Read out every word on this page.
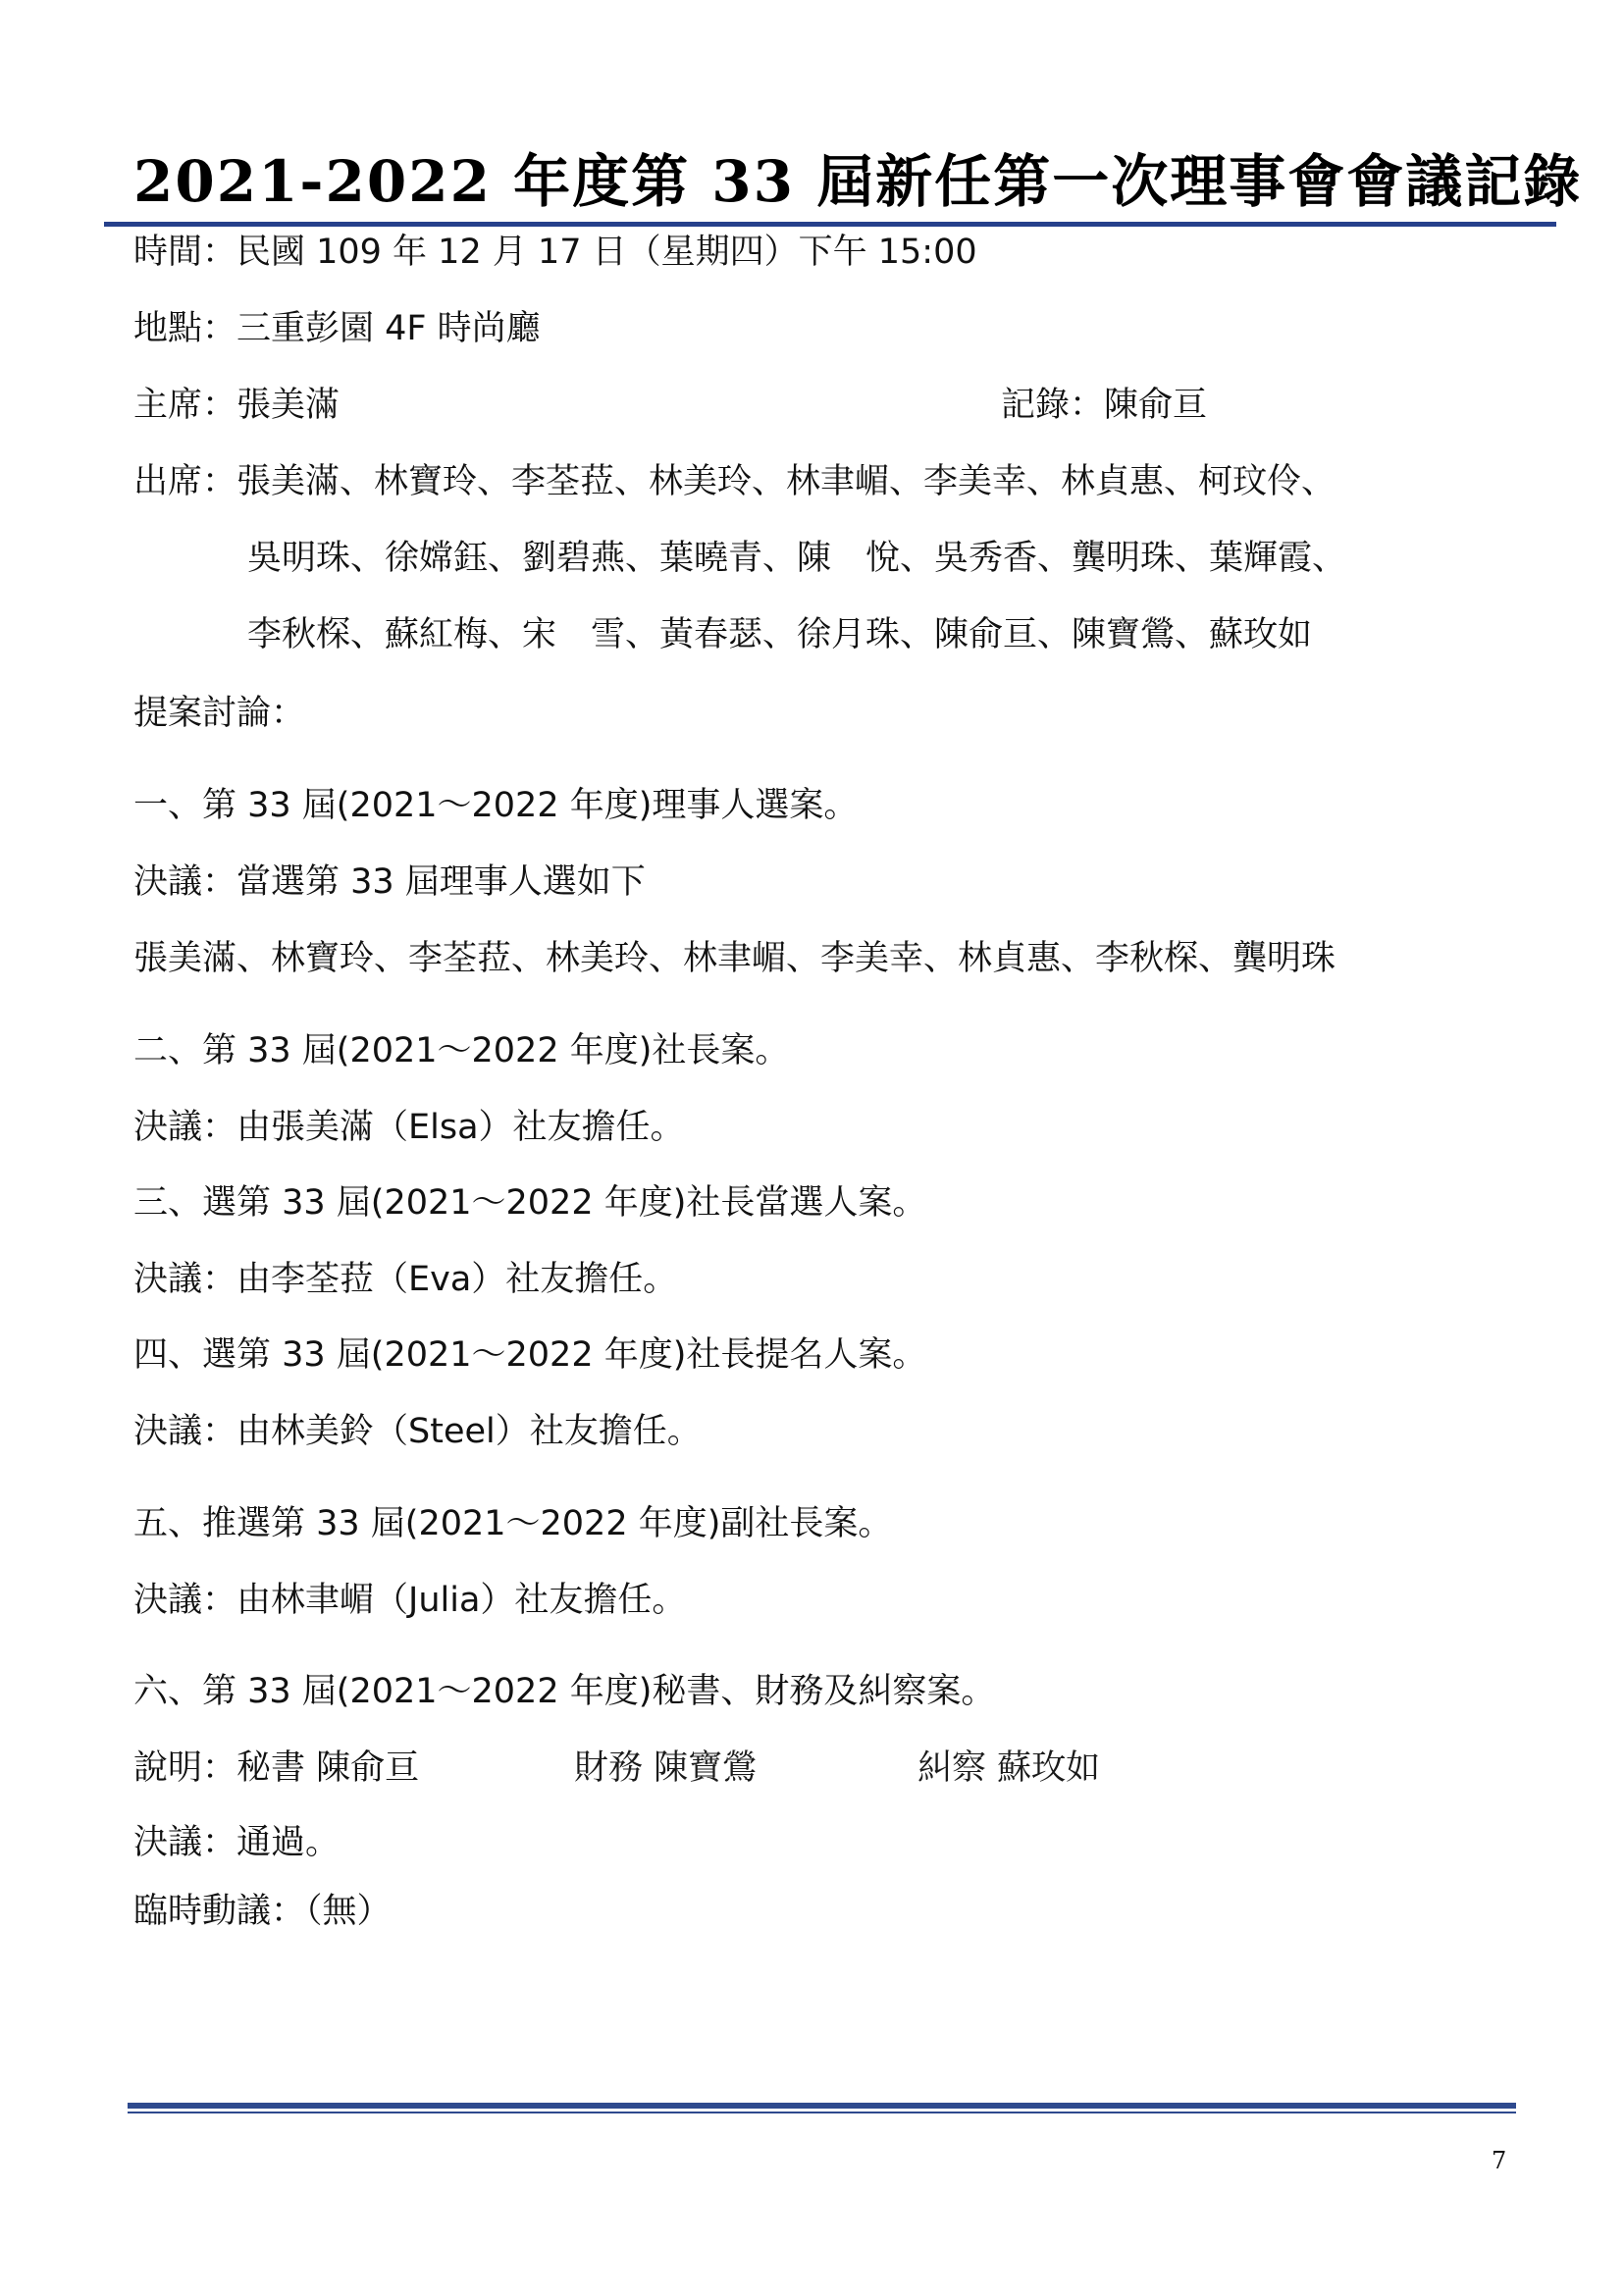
2021-2022 年度第 33 屆新任第一次理事會會議記錄
時間：民國 109 年 12 月 17 日（星期四）下午 15:00
地點：三重彭園 4F 時尚廳
主席：張美滿	記錄：陳俞亘
出席：張美滿、林寶玲、李荃菈、林美玲、林聿嵋、李美幸、林貞惠、柯玟伶、
吳明珠、徐嫦鈺、劉碧燕、葉曉青、陳　悅、吳秀香、龔明珠、葉輝霞、
李秋棎、蘇紅梅、宋　雪、黃春瑟、徐月珠、陳俞亘、陳寶鶯、蘇玫如
提案討論：
一、第 33 屆(2021～2022 年度)理事人選案。
決議：當選第 33 屆理事人選如下
張美滿、林寶玲、李荃菈、林美玲、林聿嵋、李美幸、林貞惠、李秋棎、龔明珠
二、第 33 屆(2021～2022 年度)社長案。
決議：由張美滿（Elsa）社友擔任。
三、選第 33 屆(2021～2022 年度)社長當選人案。
決議：由李荃菈（Eva）社友擔任。
四、選第 33 屆(2021～2022 年度)社長提名人案。
決議：由林美鈴（Steel）社友擔任。
五、推選第 33 屆(2021～2022 年度)副社長案。
決議：由林聿嵋（Julia）社友擔任。
六、第 33 屆(2021～2022 年度)秘書、財務及糾察案。
說明：秘書 陳俞亘	財務 陳寶鶯	糾察 蘇玫如
決議：通過。
臨時動議：（無）
7
